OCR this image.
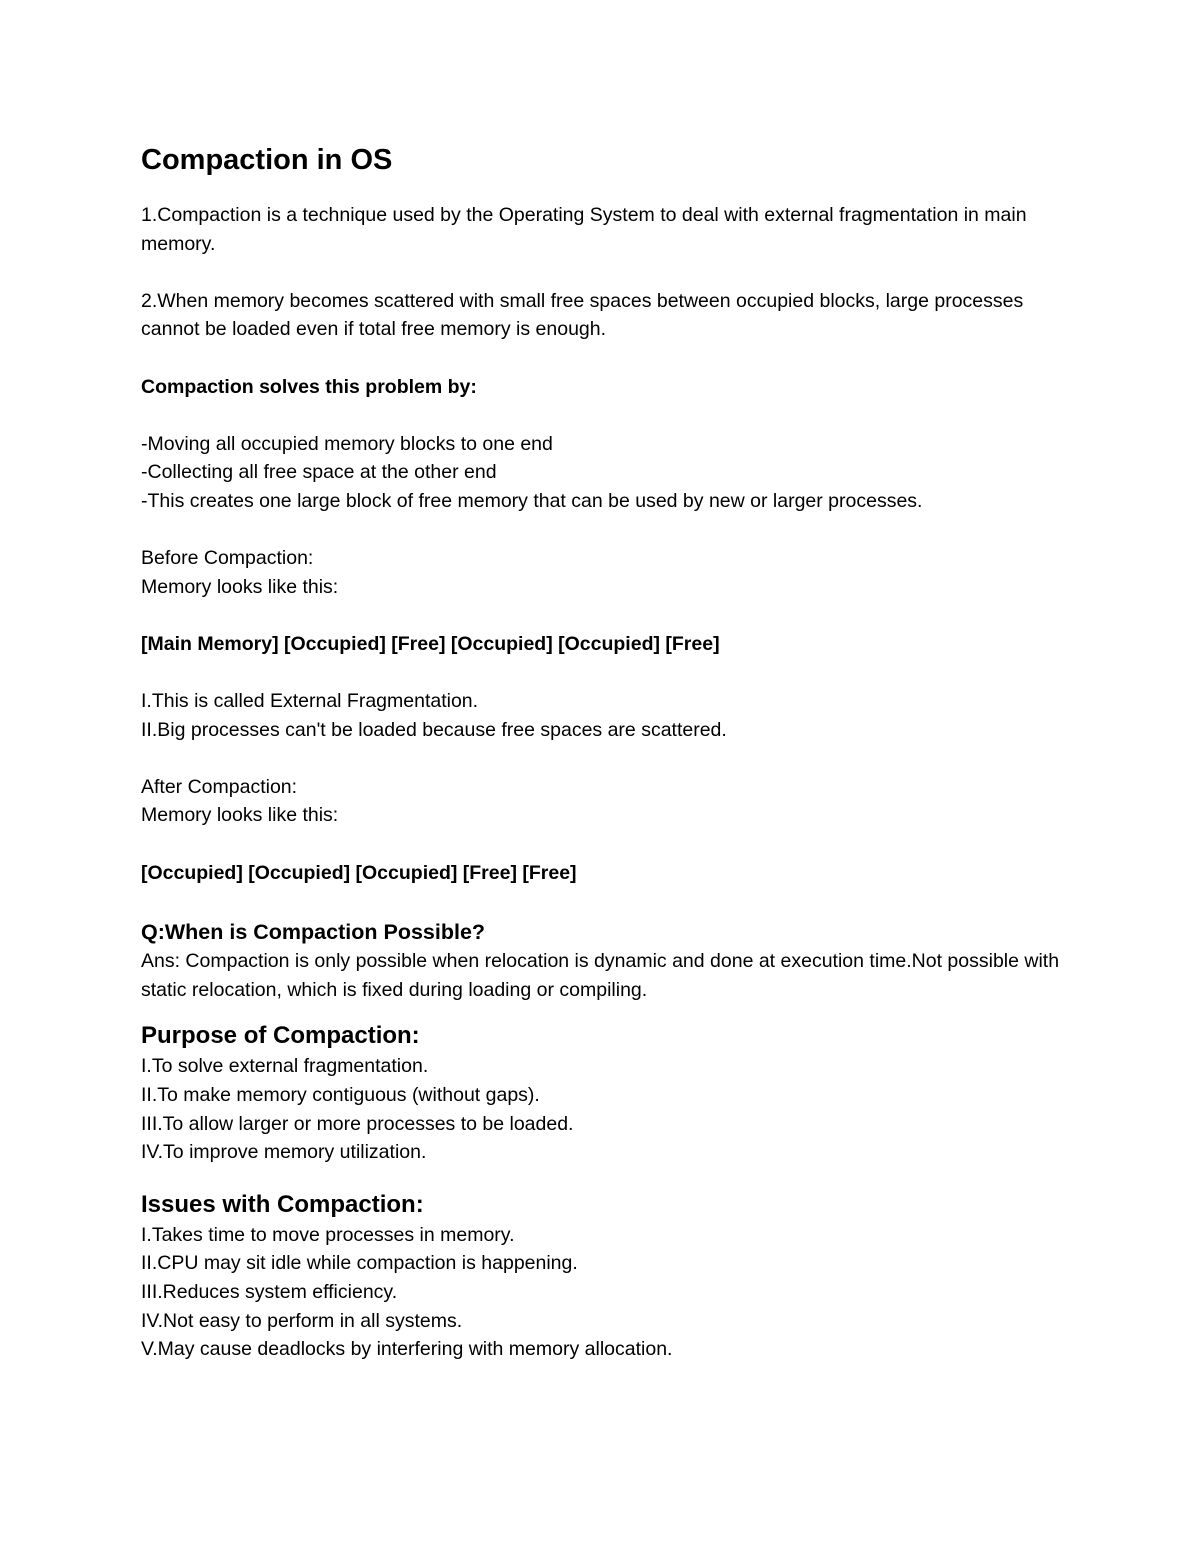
Compaction in OS

1.Compaction is a technique used by the Operating System to deal with external fragmentation in main memory.

2.When memory becomes scattered with small free spaces between occupied blocks, large processes cannot be loaded even if total free memory is enough.

Compaction solves this problem by:

-Moving all occupied memory blocks to one end
-Collecting all free space at the other end
-This creates one large block of free memory that can be used by new or larger processes.

Before Compaction:

Memory looks like this:

[Main Memory] [Occupied] [Free] [Occupied] [Occupied] [Free]

I.This is called External Fragmentation.
II.Big processes can't be loaded because free spaces are scattered.

After Compaction:

Memory looks like this:

[Occupied] [Occupied] [Occupied] [Free] [Free]

Q:When is Compaction Possible?

Ans: Compaction is only possible when relocation is dynamic and done at execution time.Not possible with static relocation, which is fixed during loading or compiling.

Purpose of Compaction:
I.To solve external fragmentation.
II.To make memory contiguous (without gaps).
III.To allow larger or more processes to be loaded.
IV.To improve memory utilization.
Issues with Compaction:
I.Takes time to move processes in memory.
II.CPU may sit idle while compaction is happening.
III.Reduces system efficiency.
IV.Not easy to perform in all systems.
V.May cause deadlocks by interfering with memory allocation.
